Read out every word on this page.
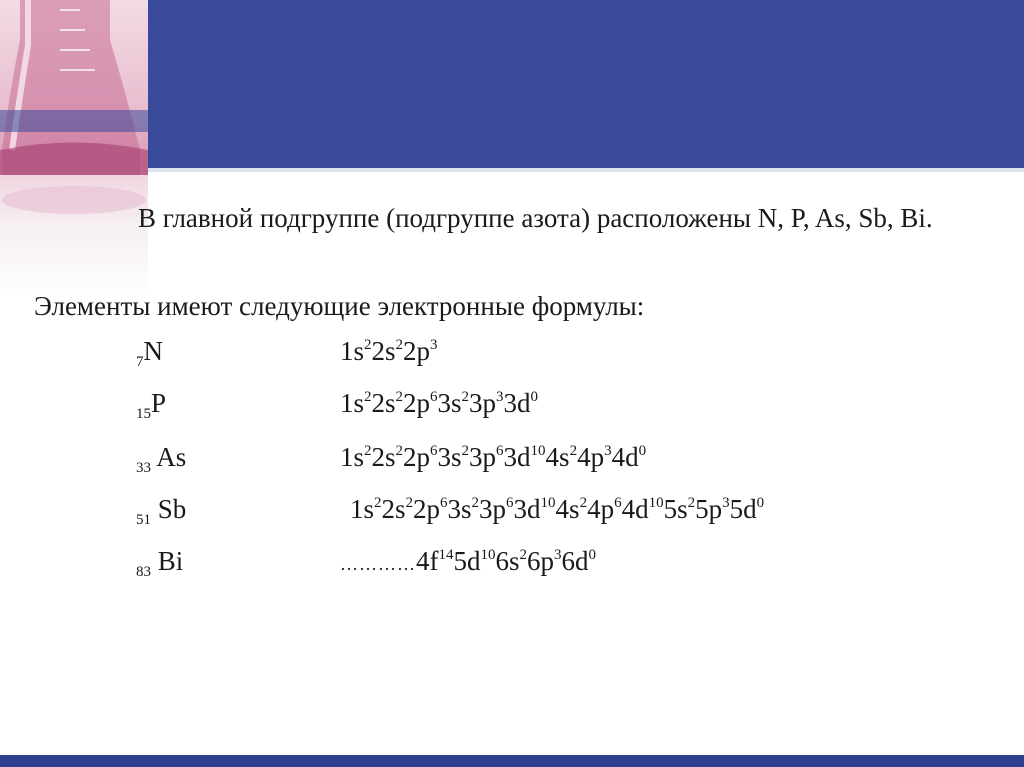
В главной подгруппе (подгруппе азота) расположены N, P, As, Sb, Bi.
Элементы имеют следующие электронные формулы:
$_7$N	$1s^22s^22p^3$
$_{15}$P	$1s^22s^22p^63s^23p^33d^0$
$_{33}$ As	$1s^22s^22p^63s^23p^63d^{10}4s^24p^34d^0$
$_{51}$ Sb	$1s^22s^22p^63s^23p^63d^{10}4s^24p^64d^{10}5s^25p^35d^0$
$_{83}$ Bi	$\dots\dots\dots\dots 4f^{14}5d^{10}6s^26p^36d^0$
